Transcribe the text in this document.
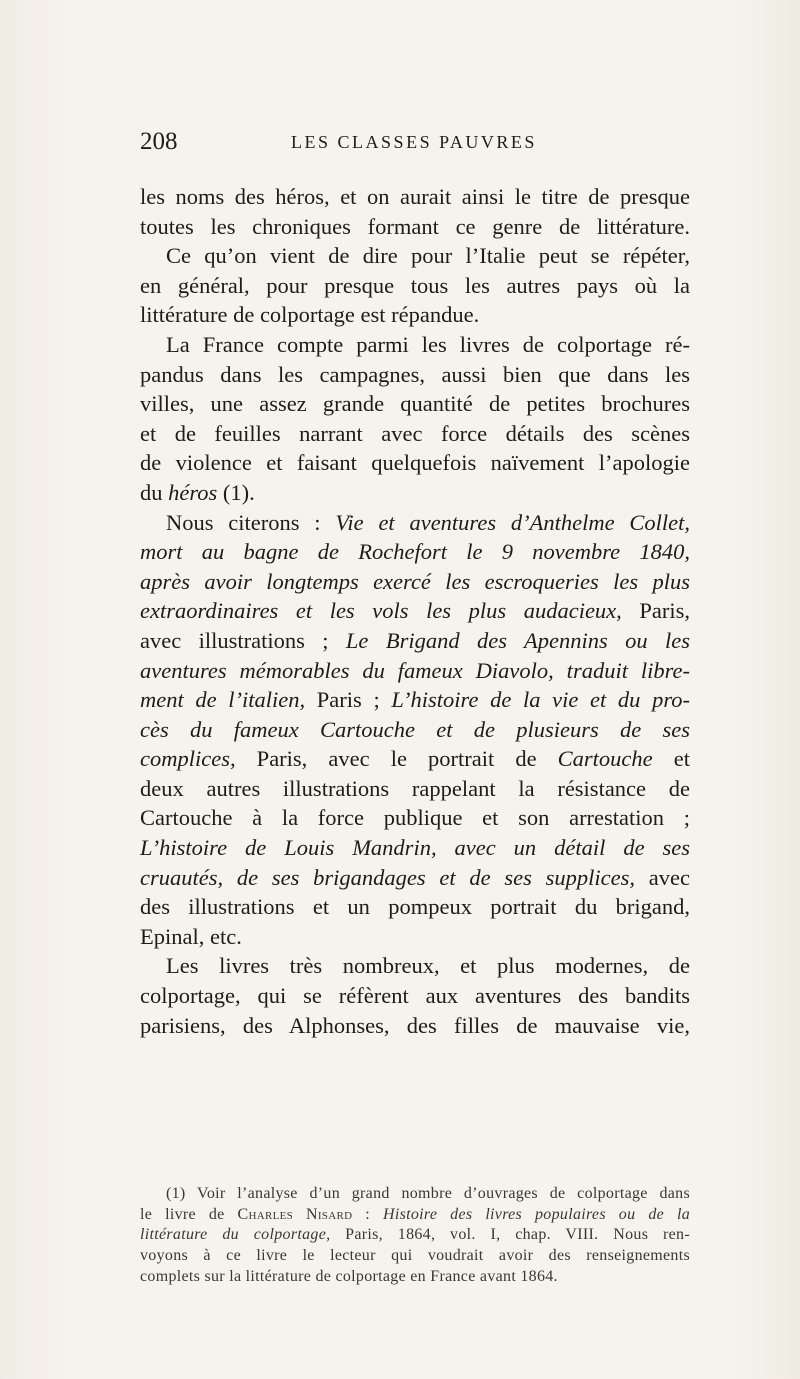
208	LES CLASSES PAUVRES
les noms des héros, et on aurait ainsi le titre de presque
toutes les chroniques formant ce genre de littérature.
Ce qu’on vient de dire pour l’Italie peut se répéter,
en général, pour presque tous les autres pays où la
littérature de colportage est répandue.
La France compte parmi les livres de colportage ré-
pandus dans les campagnes, aussi bien que dans les
villes, une assez grande quantité de petites brochures
et de feuilles narrant avec force détails des scènes
de violence et faisant quelquefois naïvement l’apologie
du héros (1).
Nous citerons : Vie et aventures d’Anthelme Collet,
mort au bagne de Rochefort le 9 novembre 1840,
après avoir longtemps exercé les escroqueries les plus
extraordinaires et les vols les plus audacieux, Paris,
avec illustrations ; Le Brigand des Apennins ou les
aventures mémorables du fameux Diavolo, traduit libre-
ment de l’italien, Paris ; L’histoire de la vie et du pro-
cès du fameux Cartouche et de plusieurs de ses
complices, Paris, avec le portrait de Cartouche et
deux autres illustrations rappelant la résistance de
Cartouche à la force publique et son arrestation ;
L’histoire de Louis Mandrin, avec un détail de ses
cruautés, de ses brigandages et de ses supplices, avec
des illustrations et un pompeux portrait du brigand,
Epinal, etc.
Les livres très nombreux, et plus modernes, de
colportage, qui se réfèrent aux aventures des bandits
parisiens, des Alphonses, des filles de mauvaise vie,
(1) Voir l’analyse d’un grand nombre d’ouvrages de colportage dans
le livre de Charles Nisard : Histoire des livres populaires ou de la
littérature du colportage, Paris, 1864, vol. I, chap. VIII. Nous ren-
voyons à ce livre le lecteur qui voudrait avoir des renseignements
complets sur la littérature de colportage en France avant 1864.
